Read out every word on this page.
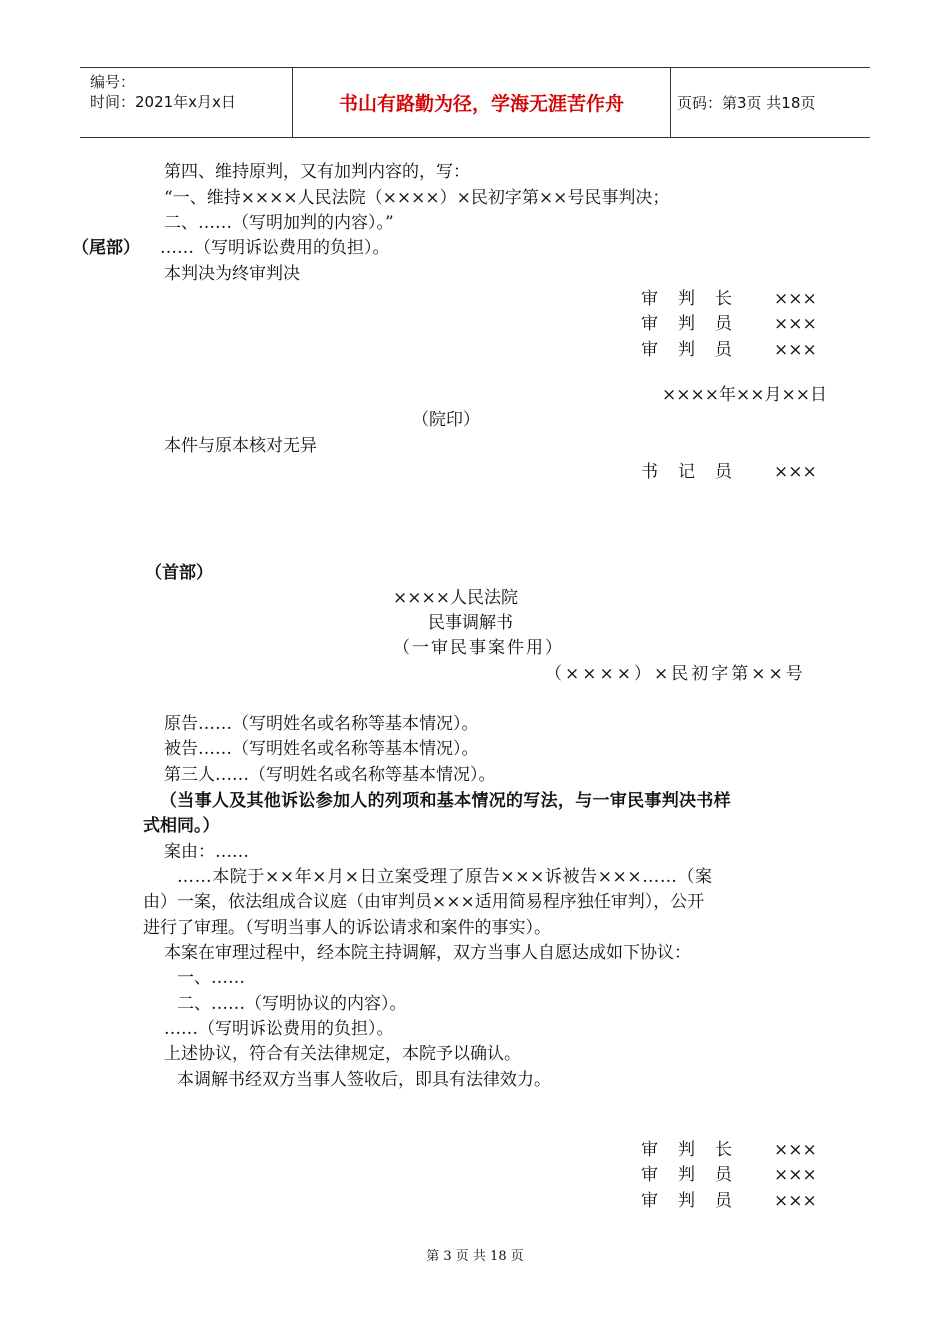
编号：
时间：2021年x月x日	书山有路勤为径，学海无涯苦作舟	页码：第3页 共18页
第四、维持原判，又有加判内容的，写：
“一、维持××××人民法院（××××）×民初字第××号民事判决；
二、……（写明加判的内容）。”
（尾部） ……（写明诉讼费用的负担）。
本判决为终审判决
审判长 ×××
审判员 ×××
审判员 ×××
××××年××月××日
（院印）
本件与原本核对无异
书记员 ×××
（首部）
××××人民法院
民事调解书
（一审民事案件用）
（××××）×民初字第××号
原告……（写明姓名或名称等基本情况）。
被告……（写明姓名或名称等基本情况）。
第三人……（写明姓名或名称等基本情况）。
（当事人及其他诉讼参加人的列项和基本情况的写法，与一审民事判决书样
式相同。）
案由：……
……本院于××年×月×日立案受理了原告×××诉被告×××……（案
由）一案，依法组成合议庭（由审判员×××适用简易程序独任审判），公开
进行了审理。（写明当事人的诉讼请求和案件的事实）。
本案在审理过程中，经本院主持调解，双方当事人自愿达成如下协议：
一、……
二、……（写明协议的内容）。
……（写明诉讼费用的负担）。
上述协议，符合有关法律规定，本院予以确认。
本调解书经双方当事人签收后，即具有法律效力。
审判长 ×××
审判员 ×××
审判员 ×××
第 3 页 共 18 页
